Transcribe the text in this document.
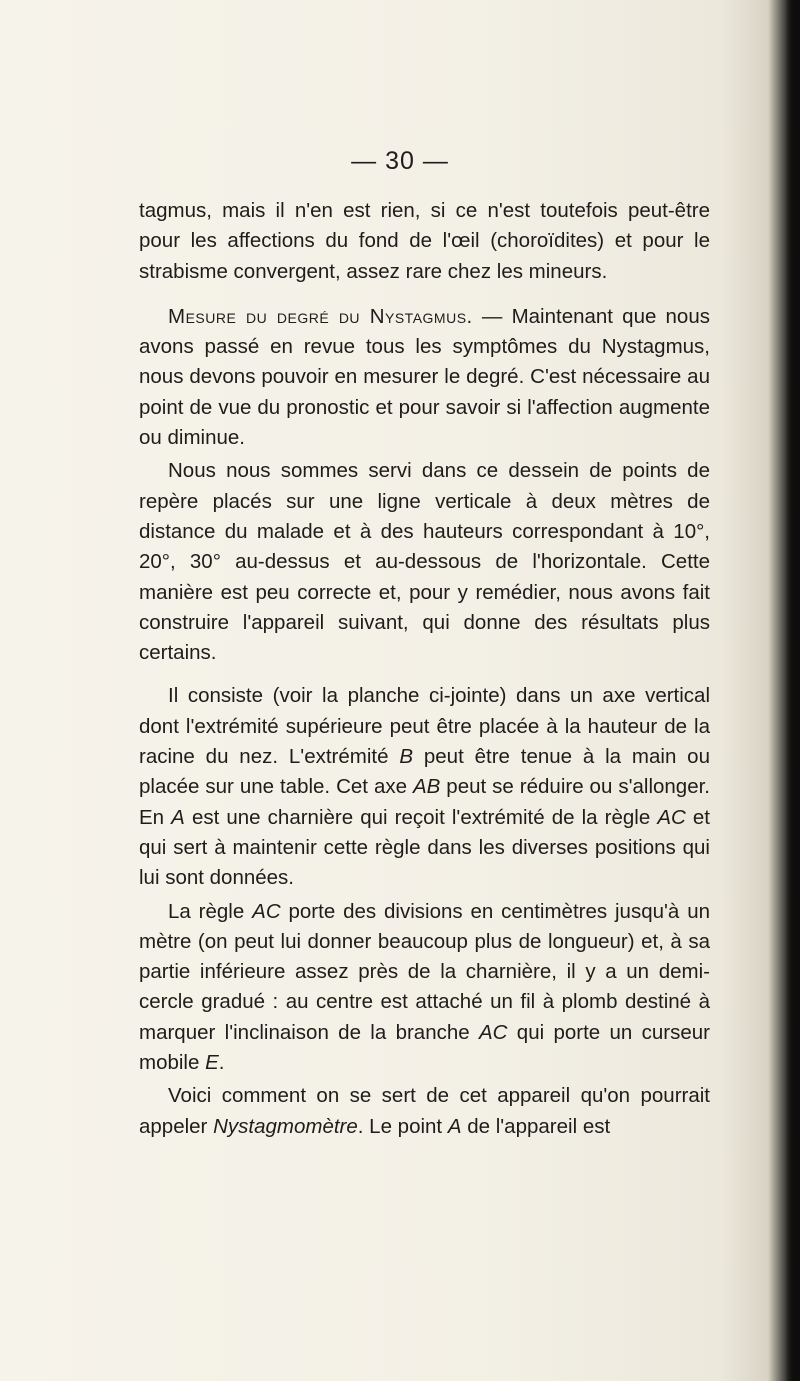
— 30 —

tagmus, mais il n'en est rien, si ce n'est toutefois peut-être pour les affections du fond de l'œil (choroïdites) et pour le strabisme convergent, assez rare chez les mineurs.

Mesure du degré du Nystagmus. — Maintenant que nous avons passé en revue tous les symptômes du Nystagmus, nous devons pouvoir en mesurer le degré. C'est nécessaire au point de vue du pronostic et pour savoir si l'affection augmente ou diminue.

Nous nous sommes servi dans ce dessein de points de repère placés sur une ligne verticale à deux mètres de distance du malade et à des hauteurs correspondant à 10°, 20°, 30° au-dessus et au-dessous de l'horizontale. Cette manière est peu correcte et, pour y remédier, nous avons fait construire l'appareil suivant, qui donne des résultats plus certains.

Il consiste (voir la planche ci-jointe) dans un axe vertical dont l'extrémité supérieure peut être placée à la hauteur de la racine du nez. L'extrémité B peut être tenue à la main ou placée sur une table. Cet axe AB peut se réduire ou s'allonger. En A est une charnière qui reçoit l'extrémité de la règle AC et qui sert à maintenir cette règle dans les diverses positions qui lui sont données.

La règle AC porte des divisions en centimètres jusqu'à un mètre (on peut lui donner beaucoup plus de longueur) et, à sa partie inférieure assez près de la charnière, il y a un demi-cercle gradué : au centre est attaché un fil à plomb destiné à marquer l'inclinaison de la branche AC qui porte un curseur mobile E.

Voici comment on se sert de cet appareil qu'on pourrait appeler Nystagmomètre. Le point A de l'appareil est
